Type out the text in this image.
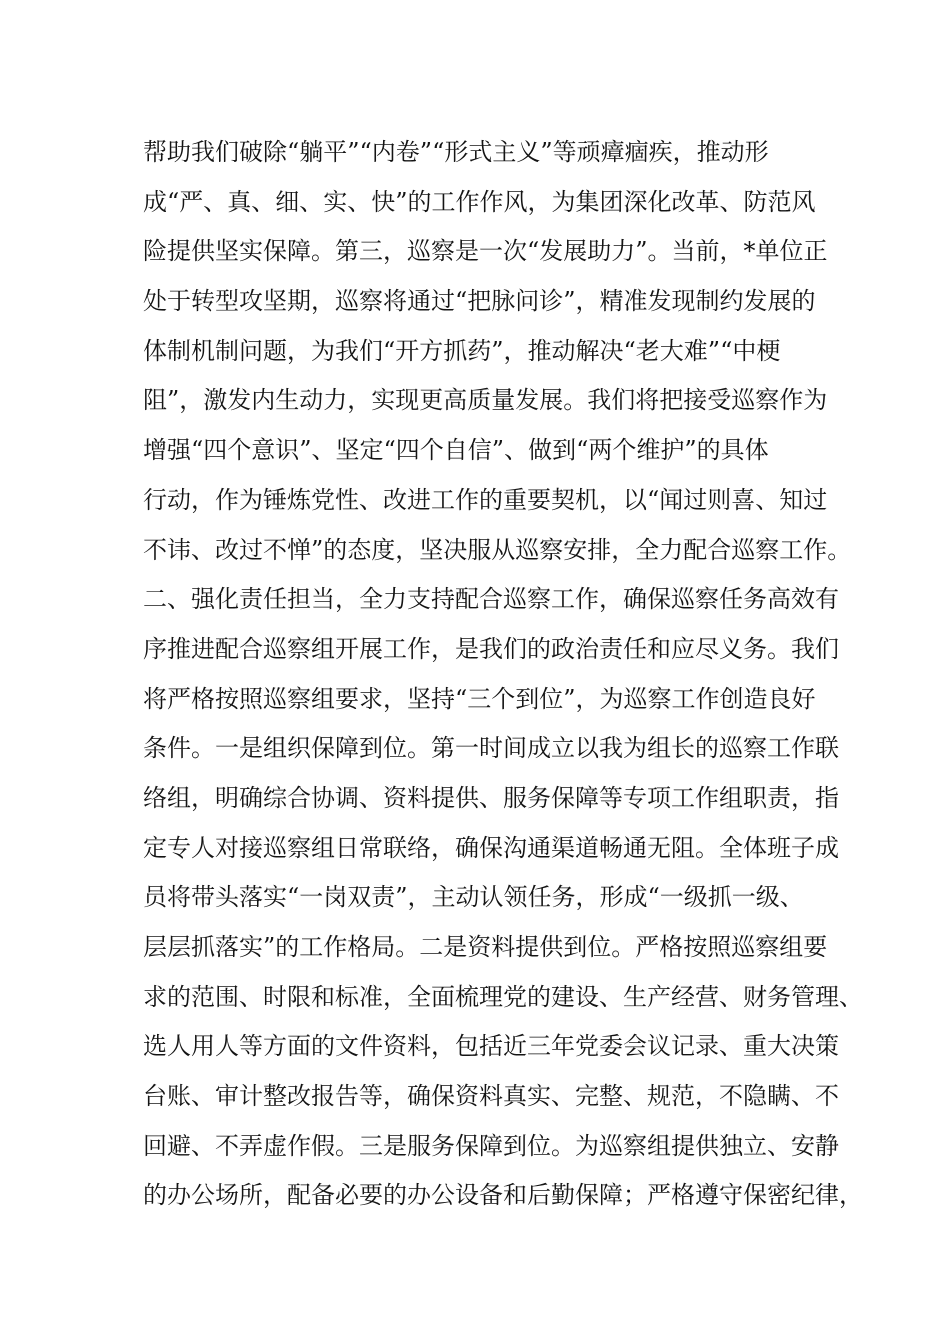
帮助我们破除“躺平”“内卷”“形式主义”等顽瘴痼疾，推动形
成“严、真、细、实、快”的工作作风，为集团深化改革、防范风
险提供坚实保障。第三，巡察是一次“发展助力”。当前，*单位正
处于转型攻坚期，巡察将通过“把脉问诊”，精准发现制约发展的
体制机制问题，为我们“开方抓药”，推动解决“老大难”“中梗
阻”，激发内生动力，实现更高质量发展。我们将把接受巡察作为
增强“四个意识”、坚定“四个自信”、做到“两个维护”的具体
行动，作为锤炼党性、改进工作的重要契机，以“闻过则喜、知过
不讳、改过不惮”的态度，坚决服从巡察安排，全力配合巡察工作。
二、强化责任担当，全力支持配合巡察工作，确保巡察任务高效有
序推进配合巡察组开展工作，是我们的政治责任和应尽义务。我们
将严格按照巡察组要求，坚持“三个到位”，为巡察工作创造良好
条件。一是组织保障到位。第一时间成立以我为组长的巡察工作联
络组，明确综合协调、资料提供、服务保障等专项工作组职责，指
定专人对接巡察组日常联络，确保沟通渠道畅通无阻。全体班子成
员将带头落实“一岗双责”，主动认领任务，形成“一级抓一级、
层层抓落实”的工作格局。二是资料提供到位。严格按照巡察组要
求的范围、时限和标准，全面梳理党的建设、生产经营、财务管理、
选人用人等方面的文件资料，包括近三年党委会议记录、重大决策
台账、审计整改报告等，确保资料真实、完整、规范，不隐瞒、不
回避、不弄虚作假。三是服务保障到位。为巡察组提供独立、安静
的办公场所，配备必要的办公设备和后勤保障；严格遵守保密纪律，
